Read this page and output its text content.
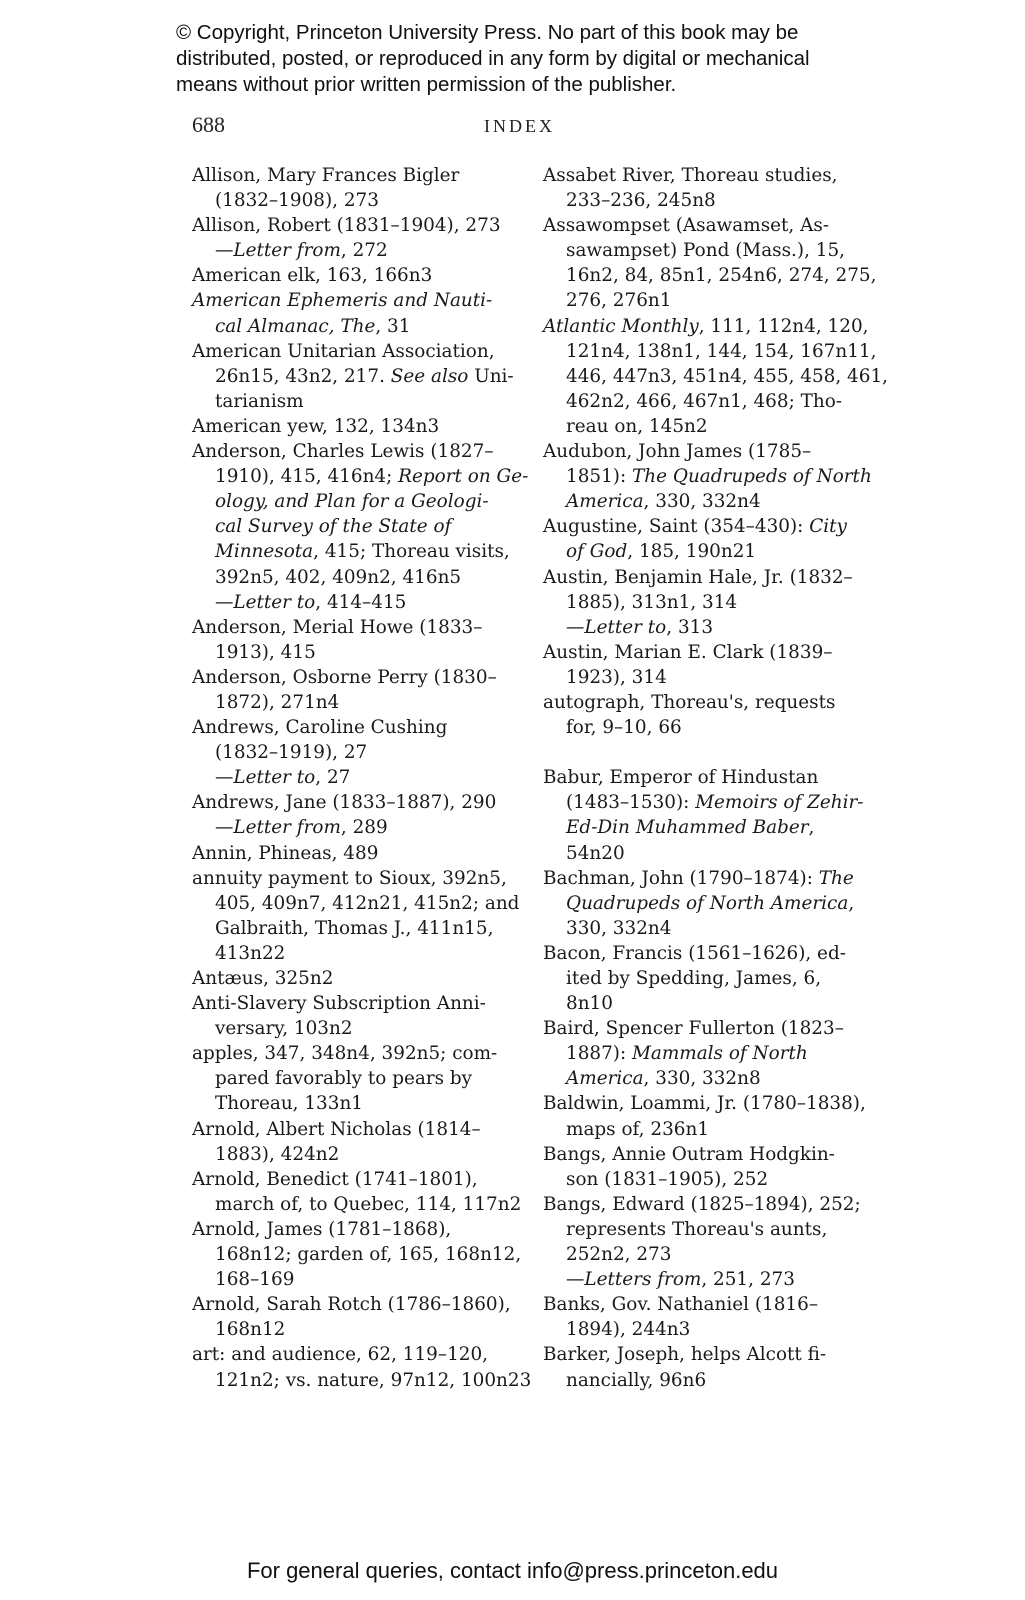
© Copyright, Princeton University Press. No part of this book may be
distributed, posted, or reproduced in any form by digital or mechanical
means without prior written permission of the publisher.
688	INDEX
Allison, Mary Frances Bigler
(1832–1908), 273
Allison, Robert (1831–1904), 273
—Letter from, 272
American elk, 163, 166n3
American Ephemeris and Nauti-
cal Almanac, The, 31
American Unitarian Association,
26n15, 43n2, 217. See also Uni-
tarianism
American yew, 132, 134n3
Anderson, Charles Lewis (1827–
1910), 415, 416n4; Report on Ge-
ology, and Plan for a Geologi-
cal Survey of the State of
Minnesota, 415; Thoreau visits,
392n5, 402, 409n2, 416n5
—Letter to, 414–415
Anderson, Merial Howe (1833–
1913), 415
Anderson, Osborne Perry (1830–
1872), 271n4
Andrews, Caroline Cushing
(1832–1919), 27
—Letter to, 27
Andrews, Jane (1833–1887), 290
—Letter from, 289
Annin, Phineas, 489
annuity payment to Sioux, 392n5,
405, 409n7, 412n21, 415n2; and
Galbraith, Thomas J., 411n15,
413n22
Antæus, 325n2
Anti-Slavery Subscription Anni-
versary, 103n2
apples, 347, 348n4, 392n5; com-
pared favorably to pears by
Thoreau, 133n1
Arnold, Albert Nicholas (1814–
1883), 424n2
Arnold, Benedict (1741–1801),
march of, to Quebec, 114, 117n2
Arnold, James (1781–1868),
168n12; garden of, 165, 168n12,
168–169
Arnold, Sarah Rotch (1786–1860),
168n12
art: and audience, 62, 119–120,
121n2; vs. nature, 97n12, 100n23
Assabet River, Thoreau studies,
233–236, 245n8
Assawompset (Asawamset, As-
sawampset) Pond (Mass.), 15,
16n2, 84, 85n1, 254n6, 274, 275,
276, 276n1
Atlantic Monthly, 111, 112n4, 120,
121n4, 138n1, 144, 154, 167n11,
446, 447n3, 451n4, 455, 458, 461,
462n2, 466, 467n1, 468; Tho-
reau on, 145n2
Audubon, John James (1785–
1851): The Quadrupeds of North
America, 330, 332n4
Augustine, Saint (354–430): City
of God, 185, 190n21
Austin, Benjamin Hale, Jr. (1832–
1885), 313n1, 314
—Letter to, 313
Austin, Marian E. Clark (1839–
1923), 314
autograph, Thoreau's, requests
for, 9–10, 66
Babur, Emperor of Hindustan
(1483–1530): Memoirs of Zehir-
Ed-Din Muhammed Baber,
54n20
Bachman, John (1790–1874): The
Quadrupeds of North America,
330, 332n4
Bacon, Francis (1561–1626), ed-
ited by Spedding, James, 6,
8n10
Baird, Spencer Fullerton (1823–
1887): Mammals of North
America, 330, 332n8
Baldwin, Loammi, Jr. (1780–1838),
maps of, 236n1
Bangs, Annie Outram Hodgkin-
son (1831–1905), 252
Bangs, Edward (1825–1894), 252;
represents Thoreau's aunts,
252n2, 273
—Letters from, 251, 273
Banks, Gov. Nathaniel (1816–
1894), 244n3
Barker, Joseph, helps Alcott fi-
nancially, 96n6
For general queries, contact info@press.princeton.edu
